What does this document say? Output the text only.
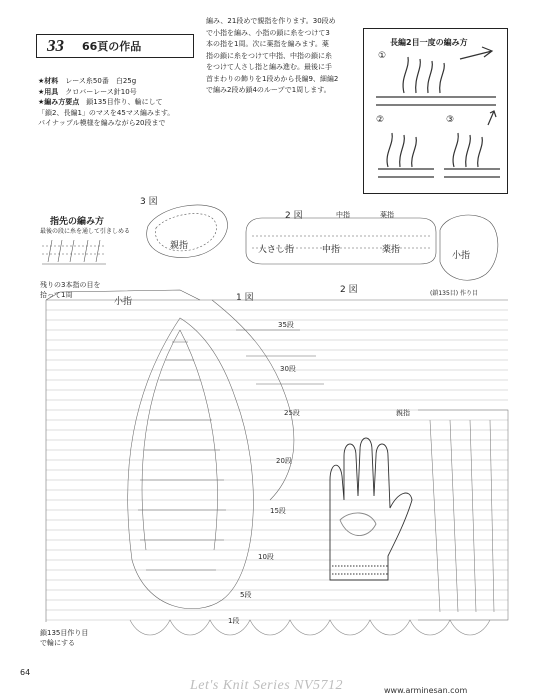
33 66頁の作品
★材料　 レース糸50番　白25g
★用具　 クロバーレース針10号
★編み方要点　 鎖135目作り、輪にして
「鎖2、長編1」のマスを45マス編みます。
パイナップル模様を編みながら20段まで
編み、21段めで親指を作ります。30段め
で小指を編み、小指の鎖に糸をつけて3
本の指を1周。次に薬指を編みます。薬
指の鎖に糸をつけて中指、中指の鎖に糸
をつけて人さし指と編み進む。最後に手
首まわりの飾りを1段めから長編9、細編2
で編み2段め鎖4のループで1周します。
長編2目一度の編み方
①
②	③
3 図
指先の編み方
最後の段に糸を通して引きしめる
親指
2 図	中指	薬指
人さし指	中指	薬指
小指
(鎖135目) 作り目
残りの3本指の目を
拾って1周
小指	1 図
2 図
親指
鎖135目作り目
で輪にする
35段
30段
25段
20段
15段
10段
5段
1段
64
Let's Knit Series NV5712	www.arminesan.com
